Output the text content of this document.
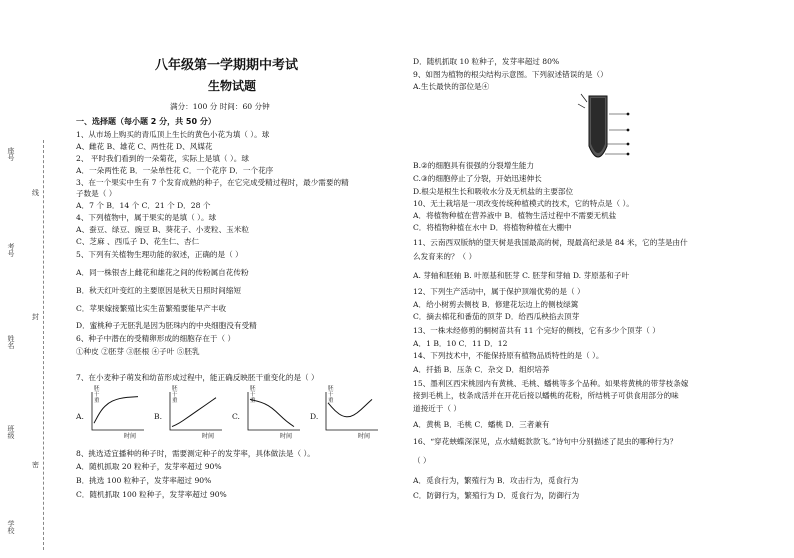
座号
考号
姓名
班级
学校
线
封
密
八年级第一学期期中考试
生物试题
满分：100 分 时间：60 分钟
一、选择题（每小题 2 分，共 50 分）
1、从市场上购买的青瓜顶上生长的黄色小花为填（ ）。球
A、雌花 B、雄花 C、两性花 D、风媒花
2、 平时我们看到的一朵菊花，实际上是填（ ）。球
A．一朵两性花 B．一朵单性花 C．一个花序 D．一个花序
3、在一个果实中生有 7 个发育成熟的种子，在它完成受精过程时，最少需要的精
子数是（ ）
A．7 个 B．14 个 C．21 个 D．28 个
4、下列植物中，属于果实的是填（ ）。球
A、蚕豆、绿豆、豌豆 B、葵花子、小麦粒、玉米粒
C、芝麻 、西瓜子 D、花生仁、杏仁
5、下列有关植物生理功能的叙述，正确的是（ ）
A．同一株银杏上雌花和雄花之间的传粉属自花传粉
B．秋天红叶变红的主要原因是秋天日照时间缩短
C．苹果嫁接繁殖比实生苗繁殖要能早产丰收
D．蜜桃种子无胚乳是因为胚珠内的中央细胞没有受精
6、种子中潜在的受精卵形成的细胞存在于（ ）
①种皮 ②胚芽 ③胚根 ④子叶 ⑤胚乳
7、在小麦种子萌发和幼苗形成过程中，能正确反映胚干重变化的是（ ）
8、挑选适宜播种的种子时，需要测定种子的发芽率，具体做法是（ ）。
A．随机抓取 20 粒种子，发芽率超过 90%
B．挑选 100 粒种子，发芽率超过 90%
C．随机抓取 100 粒种子，发芽率超过 90%
A.
胚干重
时间
B.
胚干重
时间
C.
胚干重
时间
D.
胚干重
时间
D．随机抓取 10 粒种子，发芽率超过 80%
9、如图为植物的根尖结构示意图。下列叙述错误的是（）
A.生长最快的部位是④
B.②的细胞具有很强的分裂增生能力
C.③的细胞停止了分裂，开始迅速伸长
D.根尖是根生长和吸收水分及无机盐的主要部位
10、无土栽培是一项改变传统种植模式的技术，它的特点是（ ）。
A．将植物种植在营养液中 B．植物生活过程中不需要无机盐
C．将植物种植在水中 D．将植物种植在大棚中
11、云南西双版纳的望天树是我国最高的树，现最高纪录是 84 米，它的茎是由什
么发育来的？（ ）
A. 芽轴和胚轴 B. 叶原基和胚芽 C. 胚芽和芽轴 D. 芽原基和子叶
12、下列生产活动中，属于保护顶端优势的是（ ）
A．给小树剪去侧枝 B．修建花坛边上的侧枝绿篱
C．摘去棉花和番茄的顶芽 D．给西瓜秧掐去顶芽
13、一株未经修剪的桐树苗共有 11 个完好的侧枝，它有多少个顶芽（ ）
A．1 B．10 C．11 D．12
14、下列技术中，不能保持原有植物品质特性的是（ ）。
A．扦插 B．压条 C．杂交 D．组织培养
15、墨利区西宋桃园内有黄桃、毛桃、蟠桃等多个品种。如果将黄桃的带芽枝条嫁
接到毛桃上，枝条成活并在开花后接以蟠桃的花粉，所结桃子可供食用部分的味
道接近于（ ）
A．黄桃 B．毛桃 C．蟠桃 D．三者兼有
16、“穿花蛱蝶深深见，点水蜻蜓款款飞。”诗句中分别描述了昆虫的哪种行为？
（ ）
A．觅食行为，繁殖行为 B．攻击行为，觅食行为
C．防御行为，繁殖行为 D．觅食行为，防御行为
